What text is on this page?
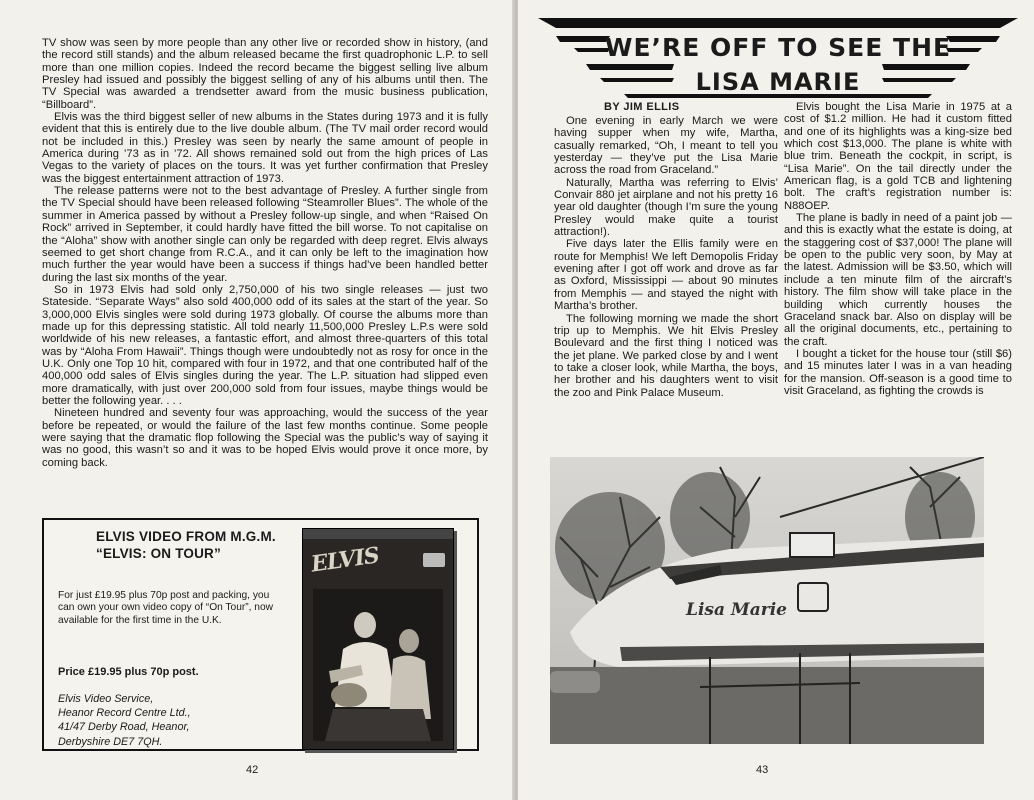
TV show was seen by more people than any other live or recorded show in history, (and the record still stands) and the album released became the first quadrophonic L.P. to sell more than one million copies. Indeed the record became the biggest selling live album Presley had issued and possibly the biggest selling of any of his albums until then. The TV Special was awarded a trendsetter award from the music business publication, “Billboard”.

Elvis was the third biggest seller of new albums in the States during 1973 and it is fully evident that this is entirely due to the live double album. (The TV mail order record would not be included in this.) Presley was seen by nearly the same amount of people in America during ’73 as in ’72. All shows remained sold out from the high prices of Las Vegas to the variety of places on the tours. It was yet further confirmation that Presley was the biggest entertainment attraction of 1973.

The release patterns were not to the best advantage of Presley. A further single from the TV Special should have been released following “Steamroller Blues”. The whole of the summer in America passed by without a Presley follow-up single, and when “Raised On Rock” arrived in September, it could hardly have fitted the bill worse. To not capitalise on the “Aloha” show with another single can only be regarded with deep regret. Elvis always seemed to get short change from R.C.A., and it can only be left to the imagination how much further the year would have been a success if things had’ve been handled better during the last six months of the year.

So in 1973 Elvis had sold only 2,750,000 of his two single releases — just two Stateside. “Separate Ways” also sold 400,000 odd of its sales at the start of the year. So 3,000,000 Elvis singles were sold during 1973 globally. Of course the albums more than made up for this depressing statistic. All told nearly 11,500,000 Presley L.P.s were sold worldwide of his new releases, a fantastic effort, and almost three-quarters of this total was by “Aloha From Hawaii”. Things though were undoubtedly not as rosy for once in the U.K. Only one Top 10 hit, compared with four in 1972, and that one contributed half of the 400,000 odd sales of Elvis singles during the year. The L.P. situation had slipped even more dramatically, with just over 200,000 sold from four issues, maybe things would be better the following year. . . .

Nineteen hundred and seventy four was approaching, would the success of the year before be repeated, or would the failure of the last few months continue. Some people were saying that the dramatic flop following the Special was the public’s way of saying it was no good, this wasn’t so and it was to be hoped Elvis would prove it once more, by coming back.

ELVIS VIDEO FROM M.G.M.
“ELVIS: ON TOUR”

For just £19.95 plus 70p post and packing, you can own your own video copy of “On Tour”, now available for the first time in the U.K.

Price £19.95 plus 70p post.
Elvis Video Service,
Heanor Record Centre Ltd.,
41/47 Derby Road, Heanor,
Derbyshire DE7 7QH.
ELVIS
42
WE’RE OFF TO SEE THE
LISA MARIE
BY JIM ELLIS

One evening in early March we were having supper when my wife, Martha, casually remarked, “Oh, I meant to tell you yesterday — they’ve put the Lisa Marie across the road from Graceland.”

Naturally, Martha was referring to Elvis’ Convair 880 jet airplane and not his pretty 16 year old daughter (though I’m sure the young Presley would make quite a tourist attraction!).

Five days later the Ellis family were en route for Memphis! We left Demopolis Friday evening after I got off work and drove as far as Oxford, Mississippi — about 90 minutes from Memphis — and stayed the night with Martha’s brother.

The following morning we made the short trip up to Memphis. We hit Elvis Presley Boulevard and the first thing I noticed was the jet plane. We parked close by and I went to take a closer look, while Martha, the boys, her brother and his daughters went to visit the zoo and Pink Palace Museum.

Elvis bought the Lisa Marie in 1975 at a cost of $1.2 million. He had it custom fitted and one of its highlights was a king-size bed which cost $13,000. The plane is white with blue trim. Beneath the cockpit, in script, is “Lisa Marie”. On the tail directly under the American flag, is a gold TCB and lightening bolt. The craft’s registration number is: N88OEP.

The plane is badly in need of a paint job — and this is exactly what the estate is doing, at the staggering cost of $37,000! The plane will be open to the public very soon, by May at the latest. Admission will be $3.50, which will include a ten minute film of the aircraft’s history. The film show will take place in the building which currently houses the Graceland snack bar. Also on display will be all the original documents, etc., pertaining to the craft.

I bought a ticket for the house tour (still $6) and 15 minutes later I was in a van heading for the mansion. Off-season is a good time to visit Graceland, as fighting the crowds is

Lisa Marie
43
